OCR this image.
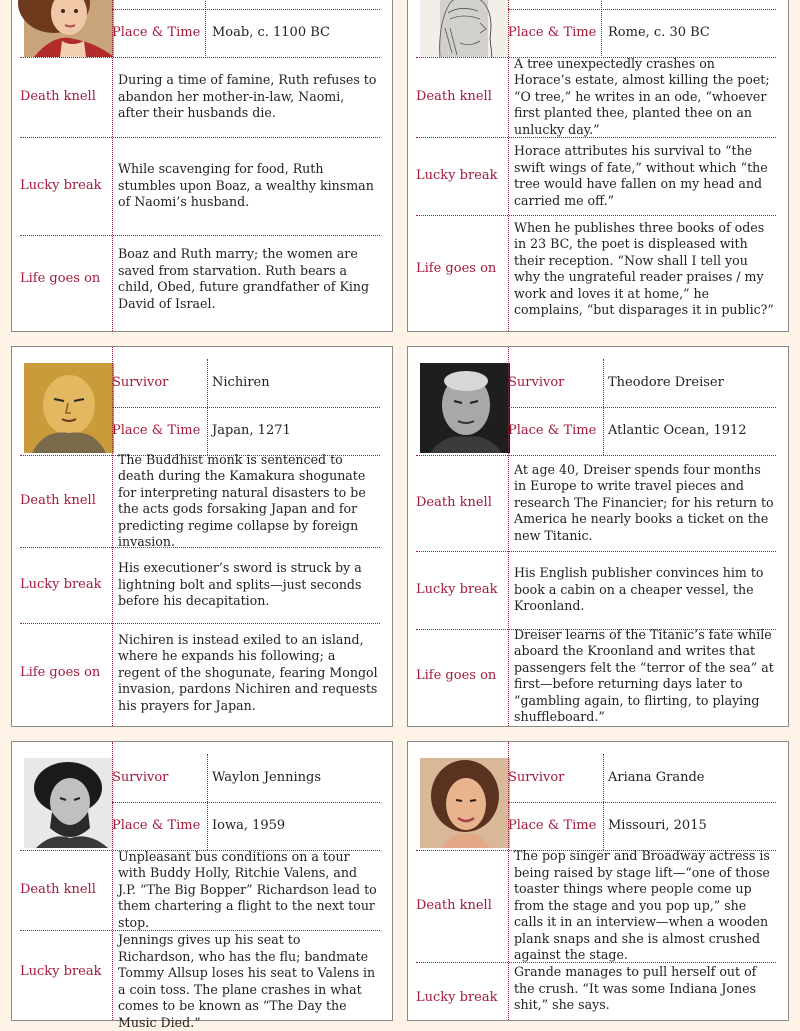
Place & Time Moab, c. 1100 BC
Death knell
During a time of famine, Ruth refuses to abandon her mother-in-law, Naomi, after their husbands die.
Lucky break
While scavenging for food, Ruth stumbles upon Boaz, a wealthy kinsman of Naomi’s husband.
Life goes on
Boaz and Ruth marry; the women are saved from starvation. Ruth bears a child, Obed, future grandfather of King David of Israel.
Place & Time Rome, c. 30 BC
Death knell
A tree unexpectedly crashes on Horace’s estate, almost killing the poet; “O tree,” he writes in an ode, “whoever first planted thee, planted thee on an unlucky day.”
Lucky break
Horace attributes his survival to “the swift wings of fate,” without which “the tree would have fallen on my head and carried me off.”
Life goes on
When he publishes three books of odes in 23 BC, the poet is displeased with their reception. “Now shall I tell you why the ungrateful reader praises / my work and loves it at home,” he complains, “but disparages it in public?”
Survivor	Nichiren
Place & Time Japan, 1271
Death knell
The Buddhist monk is sentenced to death during the Kamakura shogunate for interpreting natural disasters to be the acts gods forsaking Japan and for predicting regime collapse by foreign invasion.
Lucky break
His executioner’s sword is struck by a lightning bolt and splits—just seconds before his decapitation.
Life goes on
Nichiren is instead exiled to an island, where he expands his following; a regent of the shogunate, fearing Mongol invasion, pardons Nichiren and requests his prayers for Japan.
Survivor	Theodore Dreiser
Place & Time Atlantic Ocean, 1912
Death knell
At age 40, Dreiser spends four months in Europe to write travel pieces and research The Financier; for his return to America he nearly books a ticket on the new Titanic.
Lucky break
His English publisher convinces him to book a cabin on a cheaper vessel, the Kroonland.
Life goes on
Dreiser learns of the Titanic’s fate while aboard the Kroonland and writes that passengers felt the “terror of the sea” at first—before returning days later to “gambling again, to flirting, to playing shuffleboard.”
Survivor	Waylon Jennings
Place & Time Iowa, 1959
Death knell
Unpleasant bus conditions on a tour with Buddy Holly, Ritchie Valens, and J.P. “The Big Bopper” Richardson lead to them chartering a flight to the next tour stop.
Lucky break
Jennings gives up his seat to Richardson, who has the flu; bandmate Tommy Allsup loses his seat to Valens in a coin toss. The plane crashes in what comes to be known as “The Day the Music Died.”
Survivor	Ariana Grande
Place & Time Missouri, 2015
Death knell
The pop singer and Broadway actress is being raised by stage lift—“one of those toaster things where people come up from the stage and you pop up,” she calls it in an interview—when a wooden plank snaps and she is almost crushed against the stage.
Lucky break
Grande manages to pull herself out of the crush. “It was some Indiana Jones shit,” she says.
